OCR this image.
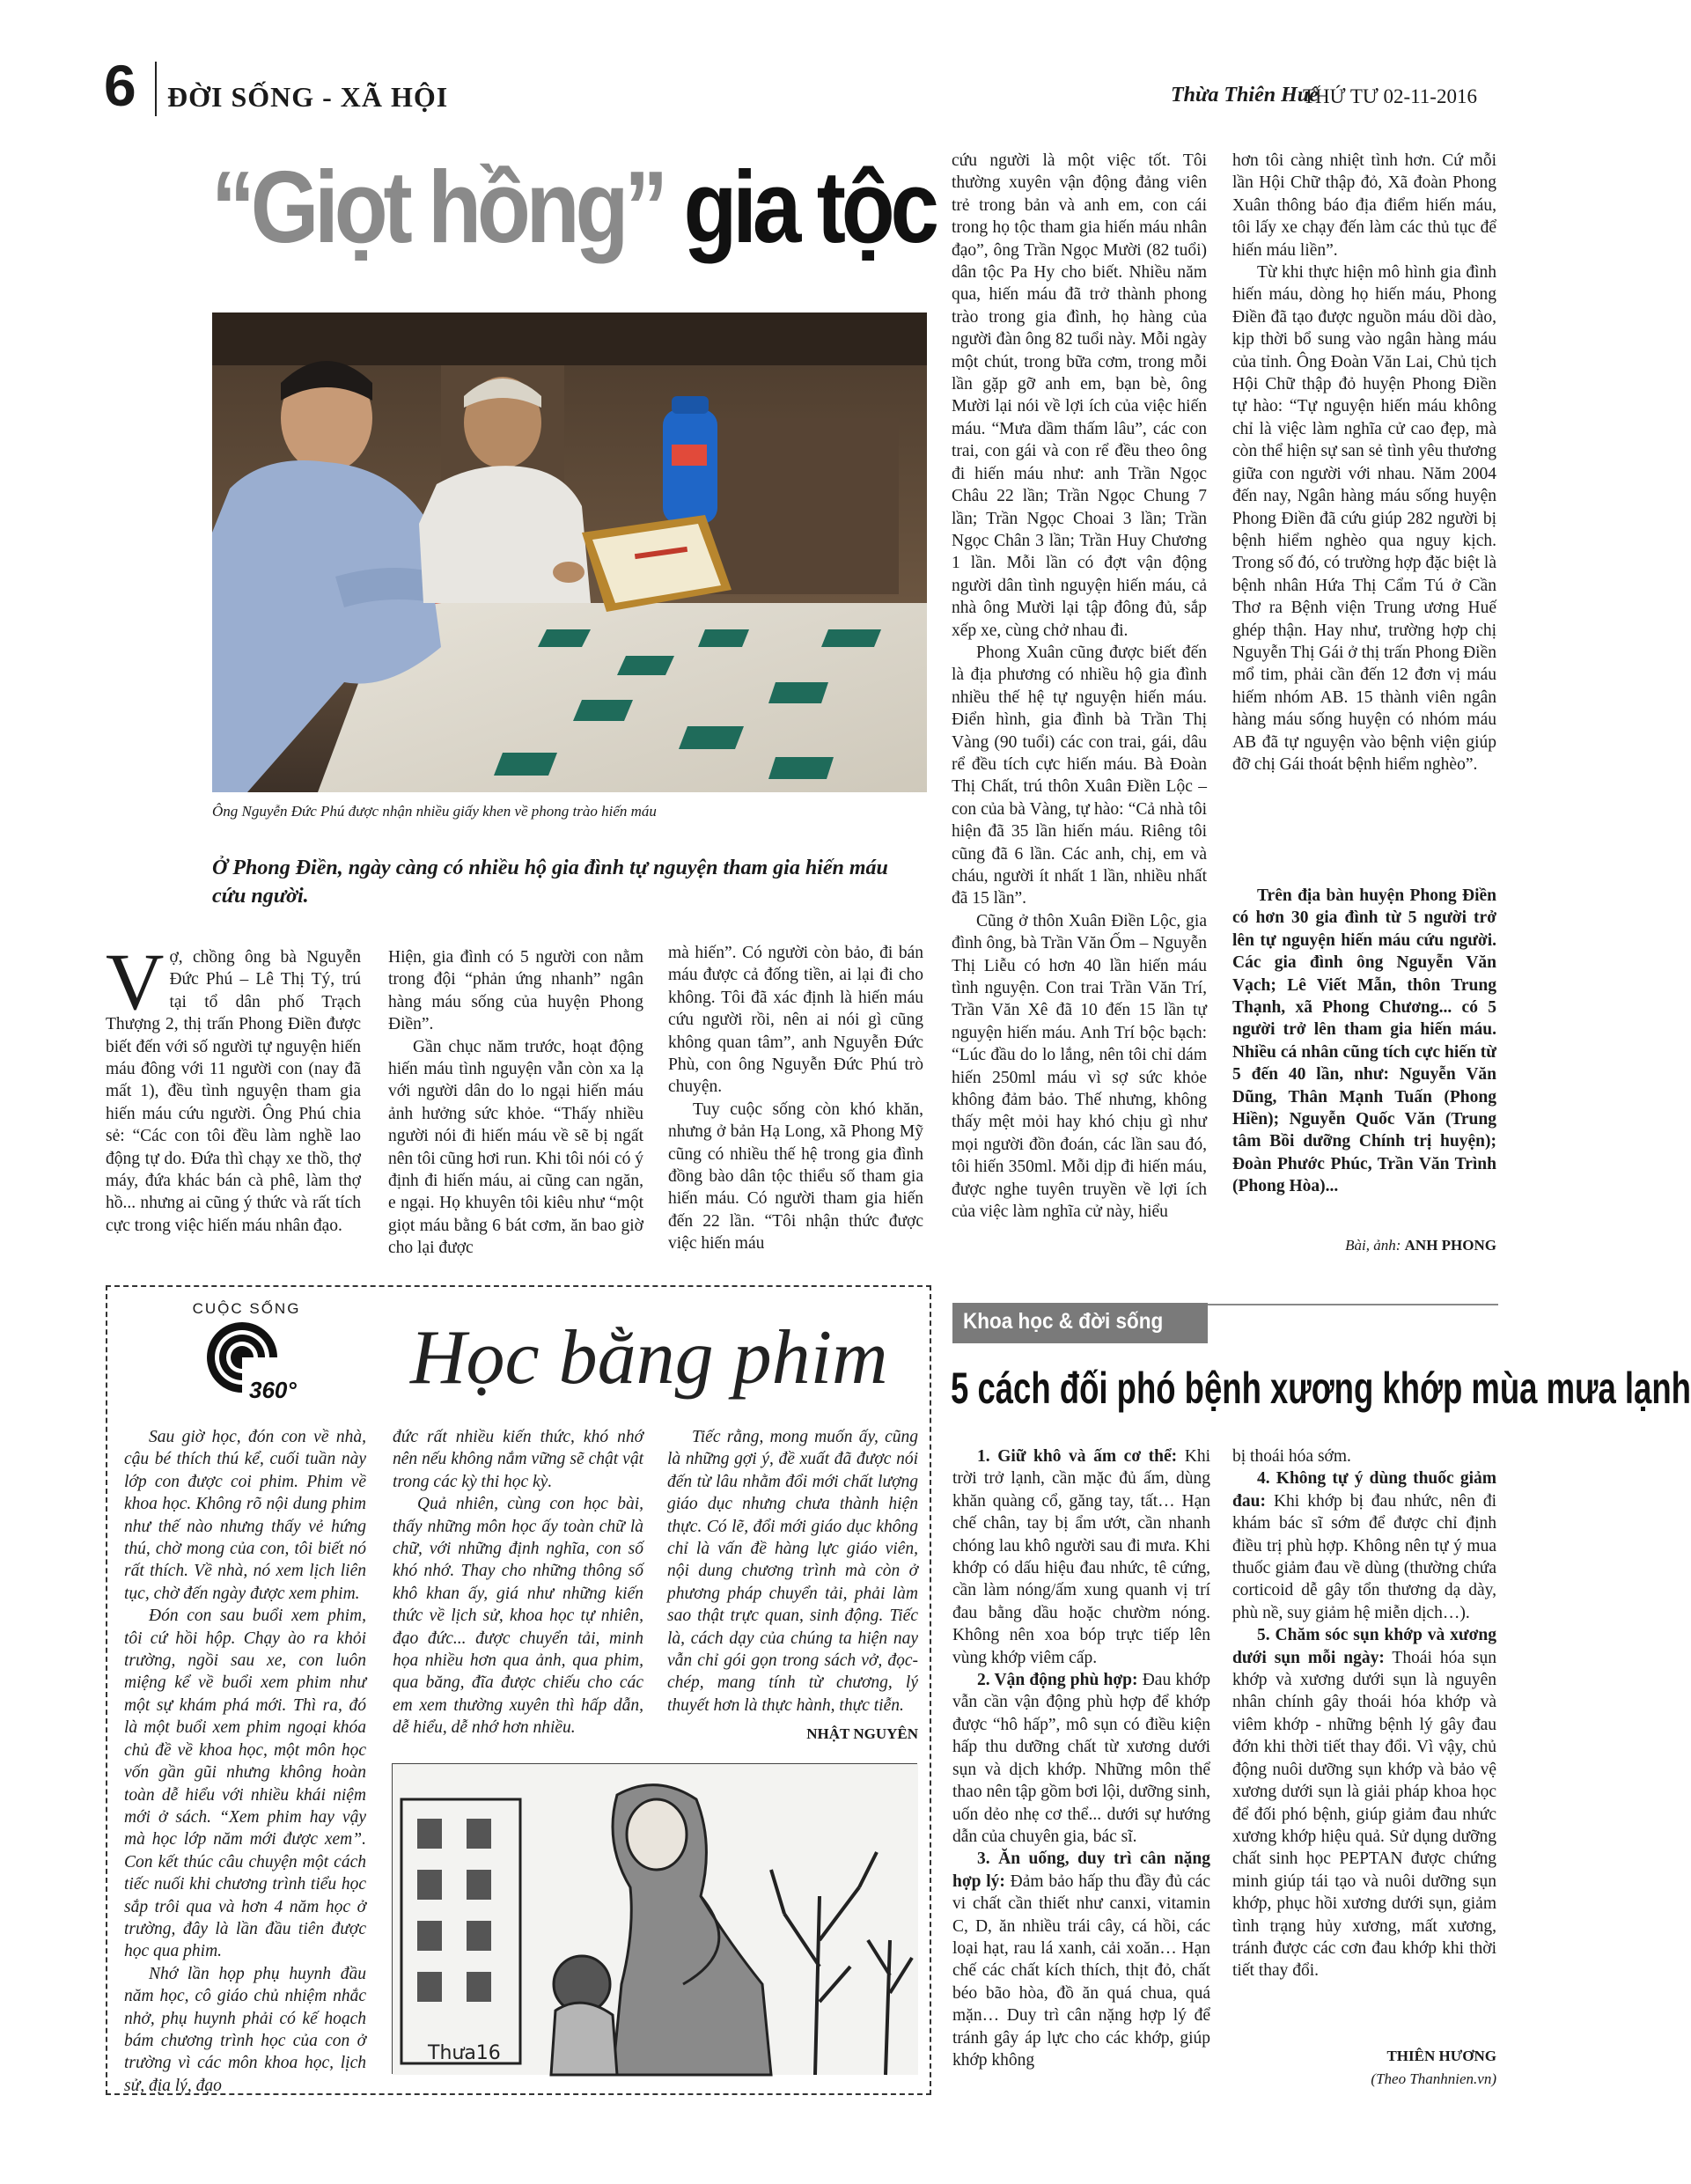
6 ĐỜI SỐNG - XÃ HỘI	Thừa Thiên Huế
THỨ TƯ 02-11-2016
“Giọt hồng” gia tộc
Ông Nguyễn Đức Phú được nhận nhiều giấy khen về phong trào hiến máu
Ở Phong Điền, ngày càng có nhiều hộ gia đình tự nguyện tham gia hiến máu cứu người.

Vợ, chồng ông bà Nguyễn Đức Phú – Lê Thị Tý, trú tại tổ dân phố Trạch Thượng 2, thị trấn Phong Điền được biết đến với số người tự nguyện hiến máu đông với 11 người con (nay đã mất 1), đều tình nguyện tham gia hiến máu cứu người. Ông Phú chia sẻ: “Các con tôi đều làm nghề lao động tự do. Đứa thì chạy xe thồ, thợ máy, đứa khác bán cà phê, làm thợ hồ... nhưng ai cũng ý thức và rất tích cực trong việc hiến máu nhân đạo.

Hiện, gia đình có 5 người con nằm trong đội “phản ứng nhanh” ngân hàng máu sống của huyện Phong Điền”.

Gần chục năm trước, hoạt động hiến máu tình nguyện vẫn còn xa lạ với người dân do lo ngại hiến máu ảnh hưởng sức khỏe. “Thấy nhiều người nói đi hiến máu về sẽ bị ngất nên tôi cũng hơi run. Khi tôi nói có ý định đi hiến máu, ai cũng can ngăn, e ngại. Họ khuyên tôi kiêu như “một giọt máu bằng 6 bát cơm, ăn bao giờ cho lại được

mà hiến”. Có người còn bảo, đi bán máu được cả đống tiền, ai lại đi cho không. Tôi đã xác định là hiến máu cứu người rồi, nên ai nói gì cũng không quan tâm”, anh Nguyễn Đức Phù, con ông Nguyễn Đức Phú trò chuyện.

Tuy cuộc sống còn khó khăn, nhưng ở bản Hạ Long, xã Phong Mỹ cũng có nhiều thế hệ trong gia đình đồng bào dân tộc thiểu số tham gia hiến máu. Có người tham gia hiến đến 22 lần. “Tôi nhận thức được việc hiến máu

cứu người là một việc tốt. Tôi thường xuyên vận động đảng viên trẻ trong bản và anh em, con cái trong họ tộc tham gia hiến máu nhân đạo”, ông Trần Ngọc Mười (82 tuổi) dân tộc Pa Hy cho biết. Nhiều năm qua, hiến máu đã trở thành phong trào trong gia đình, họ hàng của người đàn ông 82 tuổi này. Mỗi ngày một chút, trong bữa cơm, trong mỗi lần gặp gỡ anh em, bạn bè, ông Mười lại nói về lợi ích của việc hiến máu. “Mưa dầm thấm lâu”, các con trai, con gái và con rể đều theo ông đi hiến máu như: anh Trần Ngọc Châu 22 lần; Trần Ngọc Chung 7 lần; Trần Ngọc Choai 3 lần; Trần Ngọc Chân 3 lần; Trần Huy Chương 1 lần. Mỗi lần có đợt vận động người dân tình nguyện hiến máu, cả nhà ông Mười lại tập đông đủ, sắp xếp xe, cùng chở nhau đi.

Phong Xuân cũng được biết đến là địa phương có nhiều hộ gia đình nhiều thế hệ tự nguyện hiến máu. Điển hình, gia đình bà Trần Thị Vàng (90 tuổi) các con trai, gái, dâu rể đều tích cực hiến máu. Bà Đoàn Thị Chất, trú thôn Xuân Điền Lộc – con của bà Vàng, tự hào: “Cả nhà tôi hiện đã 35 lần hiến máu. Riêng tôi cũng đã 6 lần. Các anh, chị, em và cháu, người ít nhất 1 lần, nhiều nhất đã 15 lần”.

Cũng ở thôn Xuân Điền Lộc, gia đình ông, bà Trần Văn Ốm – Nguyễn Thị Liễu có hơn 40 lần hiến máu tình nguyện. Con trai Trần Văn Trí, Trần Văn Xê đã 10 đến 15 lần tự nguyện hiến máu. Anh Trí bộc bạch: “Lúc đầu do lo lắng, nên tôi chỉ dám hiến 250ml máu vì sợ sức khỏe không đảm bảo. Thế nhưng, không thấy mệt mỏi hay khó chịu gì như mọi người đồn đoán, các lần sau đó, tôi hiến 350ml. Mỗi dịp đi hiến máu, được nghe tuyên truyền về lợi ích của việc làm nghĩa cử này, hiểu

hơn tôi càng nhiệt tình hơn. Cứ mỗi lần Hội Chữ thập đỏ, Xã đoàn Phong Xuân thông báo địa điểm hiến máu, tôi lấy xe chạy đến làm các thủ tục để hiến máu liền”.

Từ khi thực hiện mô hình gia đình hiến máu, dòng họ hiến máu, Phong Điền đã tạo được nguồn máu dồi dào, kịp thời bổ sung vào ngân hàng máu của tỉnh. Ông Đoàn Văn Lai, Chủ tịch Hội Chữ thập đỏ huyện Phong Điền tự hào: “Tự nguyện hiến máu không chỉ là việc làm nghĩa cử cao đẹp, mà còn thể hiện sự san sẻ tình yêu thương giữa con người với nhau. Năm 2004 đến nay, Ngân hàng máu sống huyện Phong Điền đã cứu giúp 282 người bị bệnh hiểm nghèo qua nguy kịch. Trong số đó, có trường hợp đặc biệt là bệnh nhân Hứa Thị Cẩm Tú ở Cần Thơ ra Bệnh viện Trung ương Huế ghép thận. Hay như, trường hợp chị Nguyễn Thị Gái ở thị trấn Phong Điền mổ tim, phải cần đến 12 đơn vị máu hiếm nhóm AB. 15 thành viên ngân hàng máu sống huyện có nhóm máu AB đã tự nguyện vào bệnh viện giúp đỡ chị Gái thoát bệnh hiểm nghèo”.

Trên địa bàn huyện Phong Điền có hơn 30 gia đình từ 5 người trở lên tự nguyện hiến máu cứu người. Các gia đình ông Nguyễn Văn Vạch; Lê Viết Mẫn, thôn Trung Thạnh, xã Phong Chương... có 5 người trở lên tham gia hiến máu. Nhiều cá nhân cũng tích cực hiến từ 5 đến 40 lần, như: Nguyễn Văn Dũng, Thân Mạnh Tuấn (Phong Hiền); Nguyễn Quốc Văn (Trung tâm Bồi dưỡng Chính trị huyện); Đoàn Phước Phúc, Trần Văn Trình (Phong Hòa)...

Bài, ảnh: ANH PHONG
360°
CUỘC SỐNG
Học bằng phim

Sau giờ học, đón con về nhà, cậu bé thích thú kể, cuối tuần này lớp con được coi phim. Phim về khoa học. Không rõ nội dung phim như thế nào nhưng thấy vẻ hứng thú, chờ mong của con, tôi biết nó rất thích. Về nhà, nó xem lịch liên tục, chờ đến ngày được xem phim.

Đón con sau buổi xem phim, tôi cứ hồi hộp. Chạy ào ra khỏi trường, ngồi sau xe, con luôn miệng kể về buổi xem phim như một sự khám phá mới. Thì ra, đó là một buổi xem phim ngoại khóa chủ đề về khoa học, một môn học vốn gần gũi nhưng không hoàn toàn dễ hiểu với nhiều khái niệm mới ở sách. “Xem phim hay vậy mà học lớp năm mới được xem”. Con kết thúc câu chuyện một cách tiếc nuối khi chương trình tiểu học sắp trôi qua và hơn 4 năm học ở trường, đây là lần đầu tiên được học qua phim.

Nhớ lần họp phụ huynh đầu năm học, cô giáo chủ nhiệm nhắc nhở, phụ huynh phải có kế hoạch bám chương trình học của con ở trường vì các môn khoa học, lịch sử, địa lý, đạo

đức rất nhiều kiến thức, khó nhớ nên nếu không nắm vững sẽ chật vật trong các kỳ thi học kỳ.

Quả nhiên, cùng con học bài, thấy những môn học ấy toàn chữ là chữ, với những định nghĩa, con số khó nhớ. Thay cho những thông số khô khan ấy, giá như những kiến thức về lịch sử, khoa học tự nhiên, đạo đức... được chuyển tải, minh họa nhiều hơn qua ảnh, qua phim, qua băng, đĩa được chiếu cho các em xem thường xuyên thì hấp dẫn, dễ hiểu, dễ nhớ hơn nhiều.

Tiếc rằng, mong muốn ấy, cũng là những gợi ý, đề xuất đã được nói đến từ lâu nhằm đổi mới chất lượng giáo dục nhưng chưa thành hiện thực. Có lẽ, đổi mới giáo dục không chỉ là vấn đề hàng lực giáo viên, nội dung chương trình mà còn ở phương pháp chuyển tải, phải làm sao thật trực quan, sinh động. Tiếc là, cách dạy của chúng ta hiện nay vẫn chỉ gói gọn trong sách vở, đọc-chép, mang tính từ chương, lý thuyết hơn là thực hành, thực tiễn.

NHẬT NGUYÊN
Thưa16
Khoa học & đời sống
5 cách đối phó bệnh xương khớp mùa mưa lạnh

1. Giữ khô và ấm cơ thể: Khi trời trở lạnh, cần mặc đủ ấm, dùng khăn quàng cổ, găng tay, tất… Hạn chế chân, tay bị ẩm ướt, cần nhanh chóng lau khô người sau đi mưa. Khi khớp có dấu hiệu đau nhức, tê cứng, cần làm nóng/ấm xung quanh vị trí đau bằng dầu hoặc chườm nóng. Không nên xoa bóp trực tiếp lên vùng khớp viêm cấp.

2. Vận động phù hợp: Đau khớp vẫn cần vận động phù hợp để khớp được “hô hấp”, mô sụn có điều kiện hấp thu dưỡng chất từ xương dưới sụn và dịch khớp. Những môn thể thao nên tập gồm bơi lội, dưỡng sinh, uốn dẻo nhẹ cơ thể... dưới sự hướng dẫn của chuyên gia, bác sĩ.

3. Ăn uống, duy trì cân nặng hợp lý: Đảm bảo hấp thu đầy đủ các vi chất cần thiết như canxi, vitamin C, D, ăn nhiều trái cây, cá hồi, các loại hạt, rau lá xanh, cải xoăn… Hạn chế các chất kích thích, thịt đỏ, chất béo bão hòa, đồ ăn quá chua, quá mặn… Duy trì cân nặng hợp lý để tránh gây áp lực cho các khớp, giúp khớp không

bị thoái hóa sớm.

4. Không tự ý dùng thuốc giảm đau: Khi khớp bị đau nhức, nên đi khám bác sĩ sớm để được chỉ định điều trị phù hợp. Không nên tự ý mua thuốc giảm đau về dùng (thường chứa corticoid dễ gây tổn thương dạ dày, phù nề, suy giảm hệ miễn dịch…).

5. Chăm sóc sụn khớp và xương dưới sụn mỗi ngày: Thoái hóa sụn khớp và xương dưới sụn là nguyên nhân chính gây thoái hóa khớp và viêm khớp - những bệnh lý gây đau đớn khi thời tiết thay đổi. Vì vậy, chủ động nuôi dưỡng sụn khớp và bảo vệ xương dưới sụn là giải pháp khoa học để đối phó bệnh, giúp giảm đau nhức xương khớp hiệu quả. Sử dụng dưỡng chất sinh học PEPTAN được chứng minh giúp tái tạo và nuôi dưỡng sụn khớp, phục hồi xương dưới sụn, giảm tình trạng hủy xương, mất xương, tránh được các cơn đau khớp khi thời tiết thay đổi.

THIÊN HƯƠNG
(Theo Thanhnien.vn)
